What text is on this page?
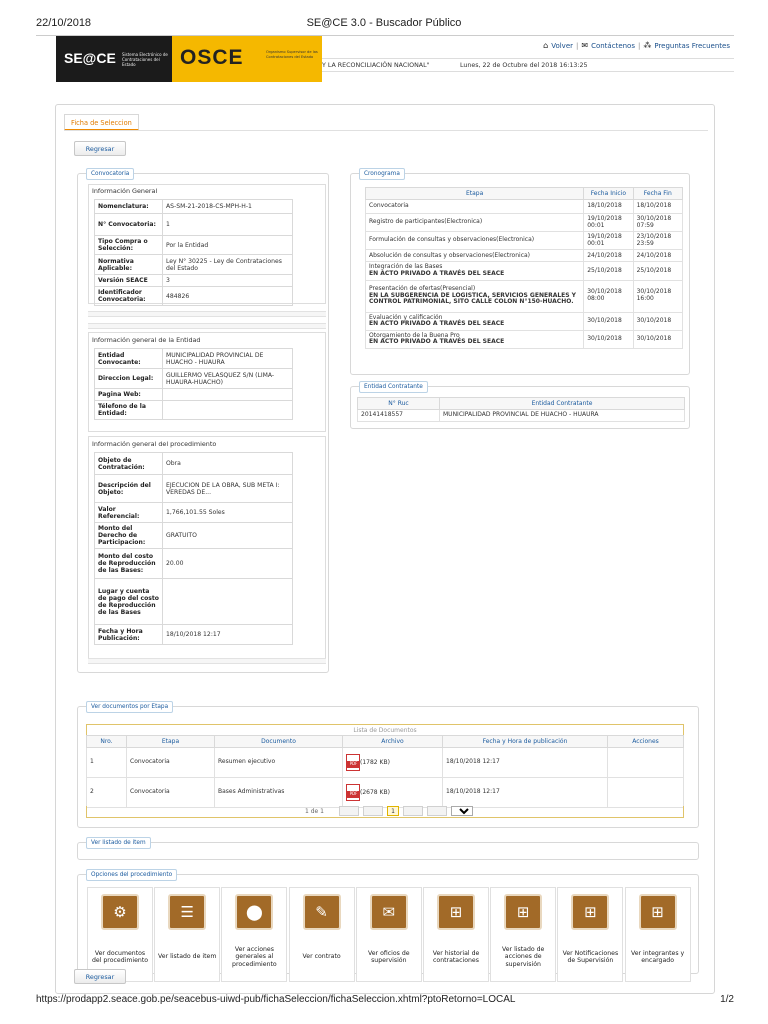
22/10/2018	SE@CE 3.0 - Buscador Público
SE@CE Sistema Electrónico de Contrataciones del Estado	OSCE	Organismo Supervisor de las Contrataciones del Estado
⌂ Volver | ✉ Contáctenos | ⁂ Preguntas Frecuentes
Y LA RECONCILIACIÓN NACIONAL"	Lunes, 22 de Octubre del 2018 16:13:25
Ficha de Seleccion
Regresar
Convocatoria
Información General
Nomenclatura:	AS-SM-21-2018-CS-MPH-H-1
N° Convocatoria:	1
Tipo Compra o Selección:	Por la Entidad
Normativa Aplicable:	Ley N° 30225 - Ley de Contrataciones del Estado
Versión SEACE	3
Identificador Convocatoria:	484826
Información general de la Entidad
Entidad Convocante:	MUNICIPALIDAD PROVINCIAL DE HUACHO - HUAURA
Direccion Legal:	GUILLERMO VELASQUEZ S/N (LIMA-HUAURA-HUACHO)
Pagina Web:	
Télefono de la Entidad:	
Información general del procedimiento
Objeto de Contratación:	Obra
Descripción del Objeto:	EJECUCION DE LA OBRA, SUB META I: VEREDAS DE...
Valor Referencial:	1,766,101.55 Soles
Monto del Derecho de Participacion:	GRATUITO
Monto del costo de Reproducción de las Bases:	20.00
Lugar y cuenta de pago del costo de Reproducción de las Bases	
Fecha y Hora Publicación:	18/10/2018 12:17
Cronograma
Etapa	Fecha Inicio	Fecha Fin

Convocatoria	18/10/2018	18/10/2018

Registro de participantes(Electronica)	19/10/2018 00:01	30/10/2018 07:59

Formulación de consultas y observaciones(Electronica)	19/10/2018 00:01	23/10/2018 23:59

Absolución de consultas y observaciones(Electronica)	24/10/2018	24/10/2018

Integración de las Bases
EN ACTO PRIVADO A TRAVÉS DEL SEACE	25/10/2018	25/10/2018

Presentación de ofertas(Presencial)
EN LA SUBGERENCIA DE LOGISTICA, SERVICIOS GENERALES Y CONTROL PATRIMONIAL, SITO CALLE COLON N°150-HUACHO.	30/10/2018 08:00	30/10/2018 16:00

Evaluación y calificación
EN ACTO PRIVADO A TRAVÉS DEL SEACE	30/10/2018	30/10/2018

Otorgamiento de la Buena Pro
EN ACTO PRIVADO A TRAVÉS DEL SEACE	30/10/2018	30/10/2018
Entidad Contratante
N° Ruc	Entidad Contratante
20141418557	MUNICIPALIDAD PROVINCIAL DE HUACHO - HUAURA
Ver documentos por Etapa
Lista de Documentos
Nro.	Etapa	Documento	Archivo	Fecha y Hora de publicación	Acciones
1	Convocatoria	Resumen ejecutivo	PDF(1782 KB)	18/10/2018 12:17	
2	Convocatoria	Bases Administrativas	PDF(2678 KB)	18/10/2018 12:17	
1 de 1	1
5
Ver listado de item
Opciones del procedimiento
⚙
Ver documentos del procedimiento
☰
Ver listado de item
⬤
Ver acciones generales al procedimiento
✎
Ver contrato
✉
Ver oficios de supervisión
⊞
Ver historial de contrataciones
⊞
Ver listado de acciones de supervisión
⊞
Ver Notificaciones de Supervisión
⊞
Ver integrantes y encargado
Regresar
https://prodapp2.seace.gob.pe/seacebus-uiwd-pub/fichaSeleccion/fichaSeleccion.xhtml?ptoRetorno=LOCAL	1/2
